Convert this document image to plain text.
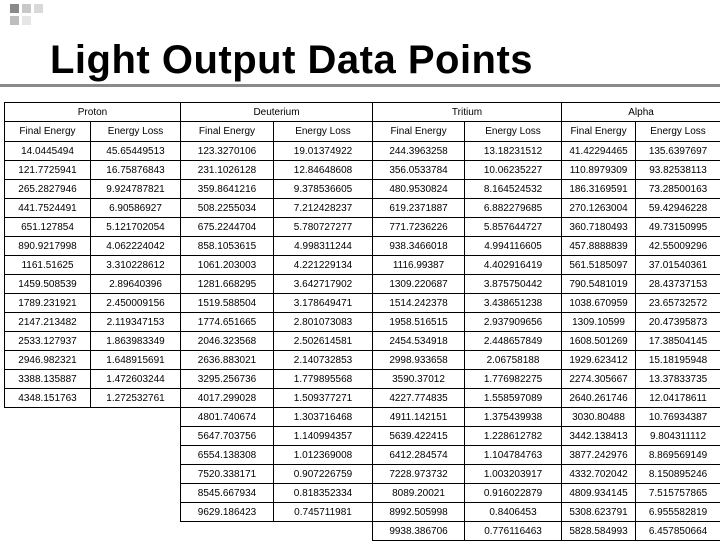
Light Output Data Points
Proton		Deuterium		Tritium		Alpha	
Final Energy	Energy Loss	Final Energy	Energy Loss	Final Energy	Energy Loss	Final Energy	Energy Loss
14.0445494	45.65449513	123.3270106	19.01374922	244.3963258	13.18231512	41.42294465	135.6397697
121.7725941	16.75876843	231.1026128	12.84648608	356.0533784	10.06235227	110.8979309	93.82538113
265.2827946	9.924787821	359.8641216	9.378536605	480.9530824	8.164524532	186.3169591	73.28500163
441.7524491	6.90586927	508.2255034	7.212428237	619.2371887	6.882279685	270.1263004	59.42946228
651.127854	5.121702054	675.2244704	5.780727277	771.7236226	5.857644727	360.7180493	49.73150995
890.9217998	4.062224042	858.1053615	4.998311244	938.3466018	4.994116605	457.8888839	42.55009296
1161.51625	3.310228612	1061.203003	4.221229134	1116.99387	4.402916419	561.5185097	37.01540361
1459.508539	2.89640396	1281.668295	3.642717902	1309.220687	3.875750442	790.5481019	28.43737153
1789.231921	2.450009156	1519.588504	3.178649471	1514.242378	3.438651238	1038.670959	23.65732572
2147.213482	2.119347153	1774.651665	2.801073083	1958.516515	2.937909656	1309.10599	20.47395873
2533.127937	1.863983349	2046.323568	2.502614581	2454.534918	2.448657849	1608.501269	17.38504145
2946.982321	1.648915691	2636.883021	2.140732853	2998.933658	2.06758188	1929.623412	15.18195948
3388.135887	1.472603244	3295.256736	1.779895568	3590.37012	1.776982275	2274.305667	13.37833735
4348.151763	1.272532761	4017.299028	1.509377271	4227.774835	1.558597089	2640.261746	12.04178611
		4801.740674	1.303716468	4911.142151	1.375439938	3030.80488	10.76934387
		5647.703756	1.140994357	5639.422415	1.228612782	3442.138413	9.804311112
		6554.138308	1.012369008	6412.284574	1.104784763	3877.242976	8.869569149
		7520.338171	0.907226759	7228.973732	1.003203917	4332.702042	8.150895246
		8545.667934	0.818352334	8089.20021	0.916022879	4809.934145	7.515757865
		9629.186423	0.745711981	8992.505998	0.8406453	5308.623791	6.955582819
				9938.386706	0.776116463	5828.584993	6.457850664
